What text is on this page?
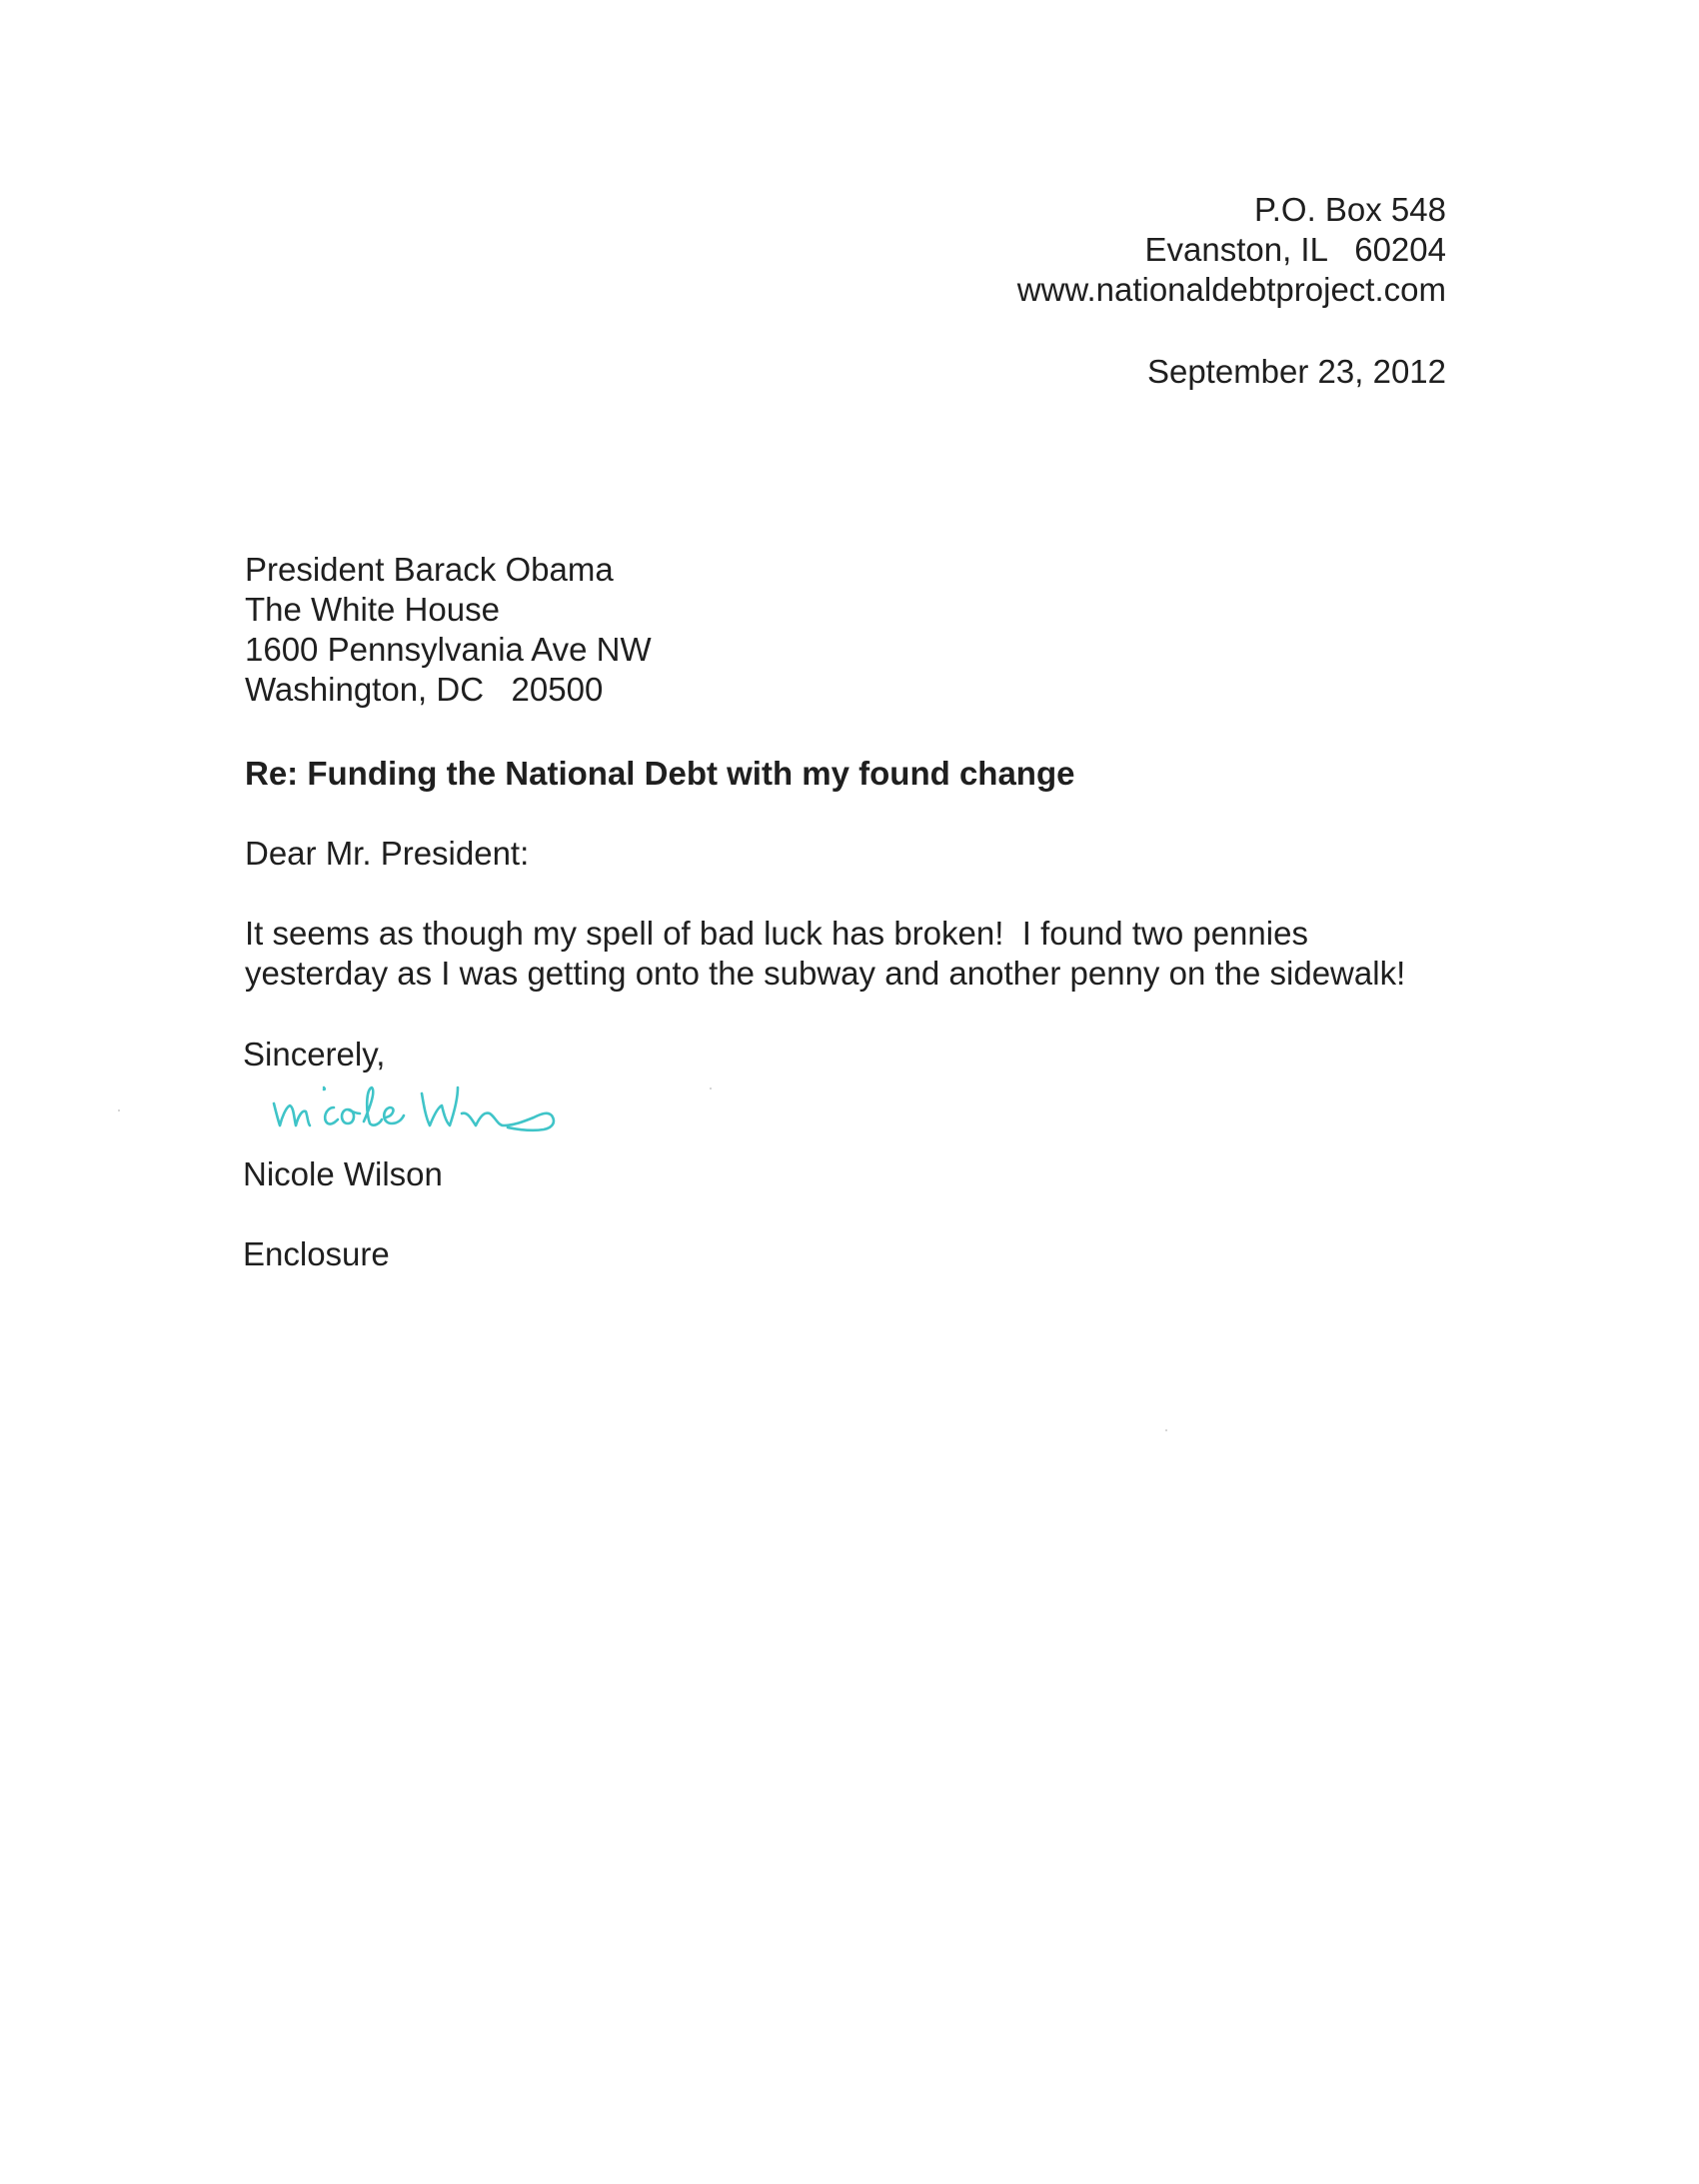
P.O. Box 548
Evanston, IL   60204
www.nationaldebtproject.com
September 23, 2012
President Barack Obama
The White House
1600 Pennsylvania Ave NW
Washington, DC   20500
Re: Funding the National Debt with my found change
Dear Mr. President:
It seems as though my spell of bad luck has broken!  I found two pennies
yesterday as I was getting onto the subway and another penny on the sidewalk!
Sincerely,
Nicole Wilson
Enclosure
